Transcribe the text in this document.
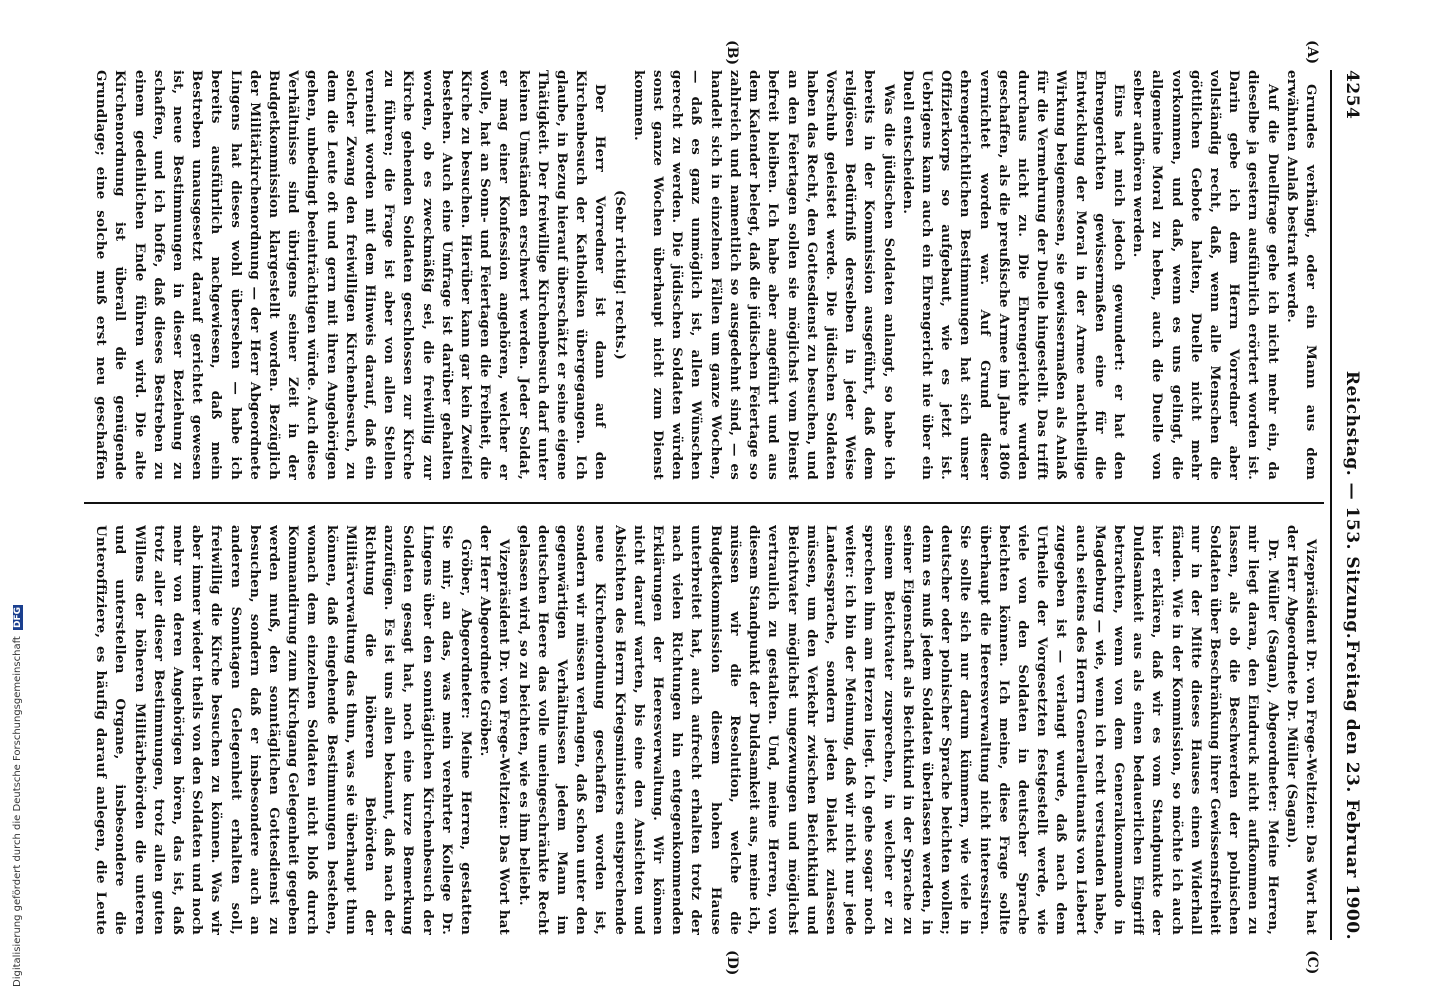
4254
Reichstag. — 153. Sitzung.
Freitag den 23. Februar 1900.
(A)
(B)
(C)
(D)

Grundes verhängt, oder ein Mann aus dem erwähnten Anlaß bestraft werde.

Auf die Duellfrage gehe ich nicht mehr ein, da dieselbe ja gestern ausführlich erörtert worden ist. Darin gebe ich dem Herrn Vorredner aber vollständig recht, daß, wenn alle Menschen die göttlichen Gebote halten, Duelle nicht mehr vorkommen, und daß, wenn es uns gelingt, die allgemeine Moral zu heben, auch die Duelle von selber aufhören werden.

Eins hat mich jedoch gewundert: er hat den Ehrengerichten gewissermaßen eine für die Entwicklung der Moral in der Armee nachtheilige Wirkung beigemessen, sie gewissermaßen als Anlaß für die Vermehrung der Duelle hingestellt. Das trifft durchaus nicht zu. Die Ehrengerichte wurden geschaffen, als die preußische Armee im Jahre 1806 vernichtet worden war. Auf Grund dieser ehrengerichtlichen Bestimmungen hat sich unser Offizierkorps so aufgebaut, wie es jetzt ist. Uebrigens kann auch ein Ehrengericht nie über ein Duell entscheiden.

Was die jüdischen Soldaten anlangt, so habe ich bereits in der Kommission ausgeführt, daß dem religiösen Bedürfniß derselben in jeder Weise Vorschub geleistet werde. Die jüdischen Soldaten haben das Recht, den Gottesdienst zu besuchen, und an den Feiertagen sollen sie möglichst vom Dienst befreit bleiben. Ich habe aber angeführt und aus dem Kalender belegt, daß die jüdischen Feiertage so zahlreich und namentlich so ausgedehnt sind, — es handelt sich in einzelnen Fällen um ganze Wochen, — daß es ganz unmöglich ist, allen Wünschen gerecht zu werden. Die jüdischen Soldaten würden sonst ganze Wochen überhaupt nicht zum Dienst kommen.

(Sehr richtig! rechts.)

Der Herr Vorredner ist dann auf den Kirchenbesuch der Katholiken übergegangen. Ich glaube, in Bezug hierauf überschätzt er seine eigene Thätigkeit. Der freiwillige Kirchenbesuch darf unter keinen Umständen erschwert werden. Jeder Soldat, er mag einer Konfession angehören, welcher er wolle, hat an Sonn- und Feiertagen die Freiheit, die Kirche zu besuchen. Hierüber kann gar kein Zweifel bestehen. Auch eine Umfrage ist darüber gehalten worden, ob es zweckmäßig sei, die freiwillig zur Kirche gehenden Soldaten geschlossen zur Kirche zu führen; die Frage ist aber von allen Stellen verneint worden mit dem Hinweis darauf, daß ein solcher Zwang den freiwilligen Kirchenbesuch, zu dem die Leute oft und gern mit ihren Angehörigen gehen, unbedingt beeinträchtigen würde. Auch diese Verhältnisse sind übrigens seiner Zeit in der Budgetkommission klargestellt worden. Bezüglich der Militärkirchenordnung — der Herr Abgeordnete Lingens hat dieses wohl übersehen — habe ich bereits ausführlich nachgewiesen, daß mein Bestreben unausgesetzt darauf gerichtet gewesen ist, neue Bestimmungen in dieser Beziehung zu schaffen, und ich hoffe, daß dieses Bestreben zu einem gedeihlichen Ende führen wird. Die alte Kirchenordnung ist überall die genügende Grundlage; eine solche muß erst neu geschaffen

Vizepräsident Dr. von Frege-Weltzien: Das Wort hat der Herr Abgeordnete Dr. Müller (Sagan).

Dr. Müller (Sagan), Abgeordneter: Meine Herren, mir liegt daran, den Eindruck nicht aufkommen zu lassen, als ob die Beschwerden der polnischen Soldaten über Beschränkung ihrer Gewissensfreiheit nur in der Mitte dieses Hauses einen Widerhall fänden. Wie in der Kommission, so möchte ich auch hier erklären, daß wir es vom Standpunkte der Duldsamkeit aus als einen bedauerlichen Eingriff betrachten, wenn von dem Generalkommando in Magdeburg — wie, wenn ich recht verstanden habe, auch seitens des Herrn Generalleutnants von Liebert zugegeben ist — verlangt wurde, daß nach dem Urtheile der Vorgesetzten festgestellt werde, wie viele von den Soldaten in deutscher Sprache beichten können. Ich meine, diese Frage sollte überhaupt die Heeresverwaltung nicht interessiren. Sie sollte sich nur darum kümmern, wie viele in deutscher oder polnischer Sprache beichten wollen; denn es muß jedem Soldaten überlassen werden, in seiner Eigenschaft als Beichtkind in der Sprache zu seinem Beichtvater zusprechen, in welcher er zu sprechen ihm am Herzen liegt. Ich gehe sogar noch weiter: ich bin der Meinung, daß wir nicht nur jede Landessprache, sondern jeden Dialekt zulassen müssen, um den Verkehr zwischen Beichtkind und Beichtvater möglichst ungezwungen und möglichst vertraulich zu gestalten. Und, meine Herren, von diesem Standpunkt der Duldsamkeit aus, meine ich, müssen wir die Resolution, welche die Budgetkommission diesem hohen Hause unterbreitet hat, auch aufrecht erhalten trotz der nach vielen Richtungen hin entgegenkommenden Erklärungen der Heeresverwaltung. Wir können nicht darauf warten, bis eine den Ansichten und Absichten des Herrn Kriegsministers entsprechende neue Kirchenordnung geschaffen worden ist, sondern wir müssen verlangen, daß schon unter den gegenwärtigen Verhältnissen jedem Mann im deutschen Heere das volle uneingeschränkte Recht gelassen wird, so zu beichten, wie es ihm beliebt.

Vizepräsident Dr. von Frege-Weltzien: Das Wort hat der Herr Abgeordnete Gröber.

Gröber, Abgeordneter: Meine Herren, gestatten Sie mir, an das, was mein verehrter Kollege Dr. Lingens über den sonntäglichen Kirchenbesuch der Soldaten gesagt hat, noch eine kurze Bemerkung anzufügen. Es ist uns allen bekannt, daß nach der Richtung die höheren Behörden der Militärverwaltung das thun, was sie überhaupt thun können, daß eingehende Bestimmungen bestehen, wonach dem einzelnen Soldaten nicht bloß durch Kommandirung zum Kirchgang Gelegenheit gegeben werden muß, den sonntäglichen Gottesdienst zu besuchen, sondern daß er insbesondere auch an anderen Sonntagen Gelegenheit erhalten soll, freiwillig die Kirche besuchen zu können. Was wir aber immer wieder theils von den Soldaten und noch mehr von deren Angehörigen hören, das ist, daß trotz aller dieser Bestimmungen, trotz allen guten Willens der höheren Militärbehörden die unteren und unterstellen Organe, insbesondere die Unteroffiziere, es häufig darauf anlegen, die Leute

Digitalisierung gefördert durch die Deutsche Forschungsgemeinschaft DFG
